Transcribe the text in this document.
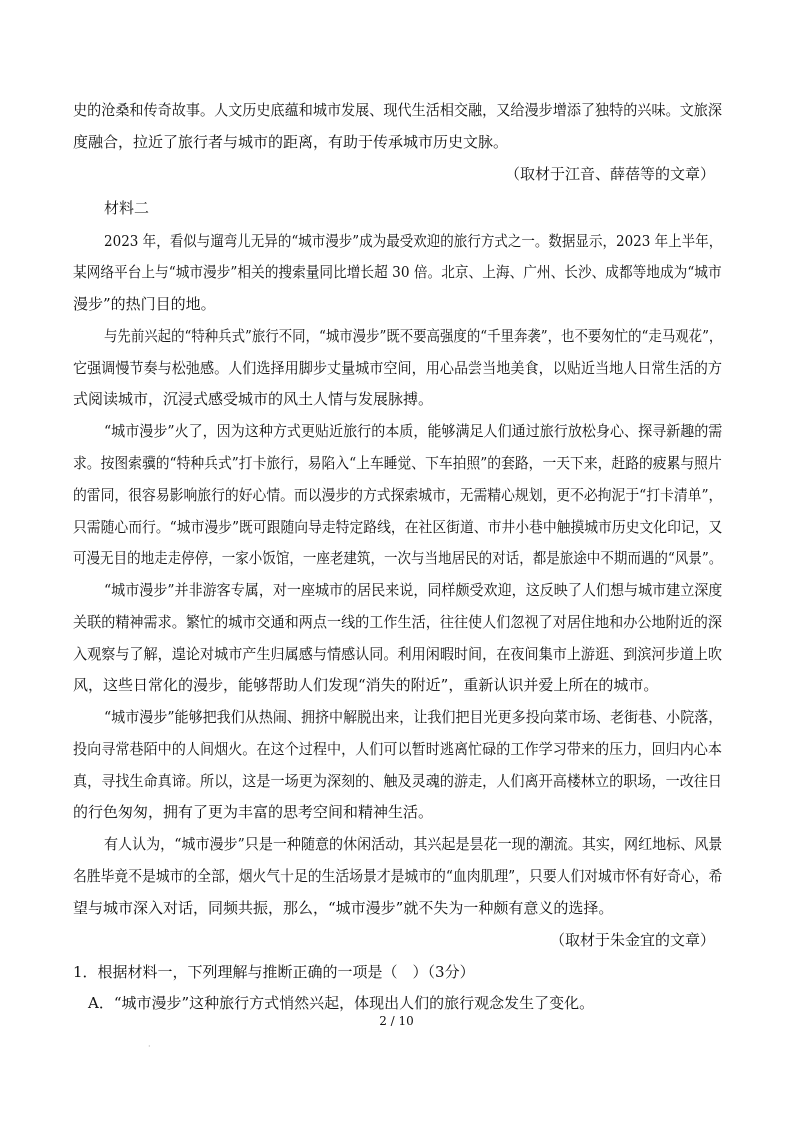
史的沧桑和传奇故事。人文历史底蕴和城市发展、现代生活相交融，又给漫步增添了独特的兴味。文旅深
度融合，拉近了旅行者与城市的距离，有助于传承城市历史文脉。
（取材于江音、薛蓓等的文章）
材料二
2023 年，看似与遛弯儿无异的“城市漫步”成为最受欢迎的旅行方式之一。数据显示，2023 年上半年，
某网络平台上与“城市漫步”相关的搜索量同比增长超 30 倍。北京、上海、广州、长沙、成都等地成为“城市
漫步”的热门目的地。
与先前兴起的“特种兵式”旅行不同，“城市漫步”既不要高强度的“千里奔袭”，也不要匆忙的“走马观花”，
它强调慢节奏与松弛感。人们选择用脚步丈量城市空间，用心品尝当地美食，以贴近当地人日常生活的方
式阅读城市，沉浸式感受城市的风土人情与发展脉搏。
“城市漫步”火了，因为这种方式更贴近旅行的本质，能够满足人们通过旅行放松身心、探寻新趣的需
求。按图索骥的“特种兵式”打卡旅行，易陷入“上车睡觉、下车拍照”的套路，一天下来，赶路的疲累与照片
的雷同，很容易影响旅行的好心情。而以漫步的方式探索城市，无需精心规划，更不必拘泥于“打卡清单”，
只需随心而行。“城市漫步”既可跟随向导走特定路线，在社区街道、市井小巷中触摸城市历史文化印记，又
可漫无目的地走走停停，一家小饭馆，一座老建筑，一次与当地居民的对话，都是旅途中不期而遇的“风景”。
“城市漫步”并非游客专属，对一座城市的居民来说，同样颇受欢迎，这反映了人们想与城市建立深度
关联的精神需求。繁忙的城市交通和两点一线的工作生活，往往使人们忽视了对居住地和办公地附近的深
入观察与了解，遑论对城市产生归属感与情感认同。利用闲暇时间，在夜间集市上游逛、到滨河步道上吹
风，这些日常化的漫步，能够帮助人们发现“消失的附近”，重新认识并爱上所在的城市。
“城市漫步”能够把我们从热闹、拥挤中解脱出来，让我们把目光更多投向菜市场、老街巷、小院落，
投向寻常巷陌中的人间烟火。在这个过程中，人们可以暂时逃离忙碌的工作学习带来的压力，回归内心本
真，寻找生命真谛。所以，这是一场更为深刻的、触及灵魂的游走，人们离开高楼林立的职场，一改往日
的行色匆匆，拥有了更为丰富的思考空间和精神生活。
有人认为，“城市漫步”只是一种随意的休闲活动，其兴起是昙花一现的潮流。其实，网红地标、风景
名胜毕竟不是城市的全部，烟火气十足的生活场景才是城市的“血肉肌理”，只要人们对城市怀有好奇心，希
望与城市深入对话，同频共振，那么，“城市漫步”就不失为一种颇有意义的选择。
（取材于朱金宜的文章）
1．根据材料一，下列理解与推断正确的一项是（　）（3分）
A．“城市漫步”这种旅行方式悄然兴起，体现出人们的旅行观念发生了变化。
2 / 10
·
